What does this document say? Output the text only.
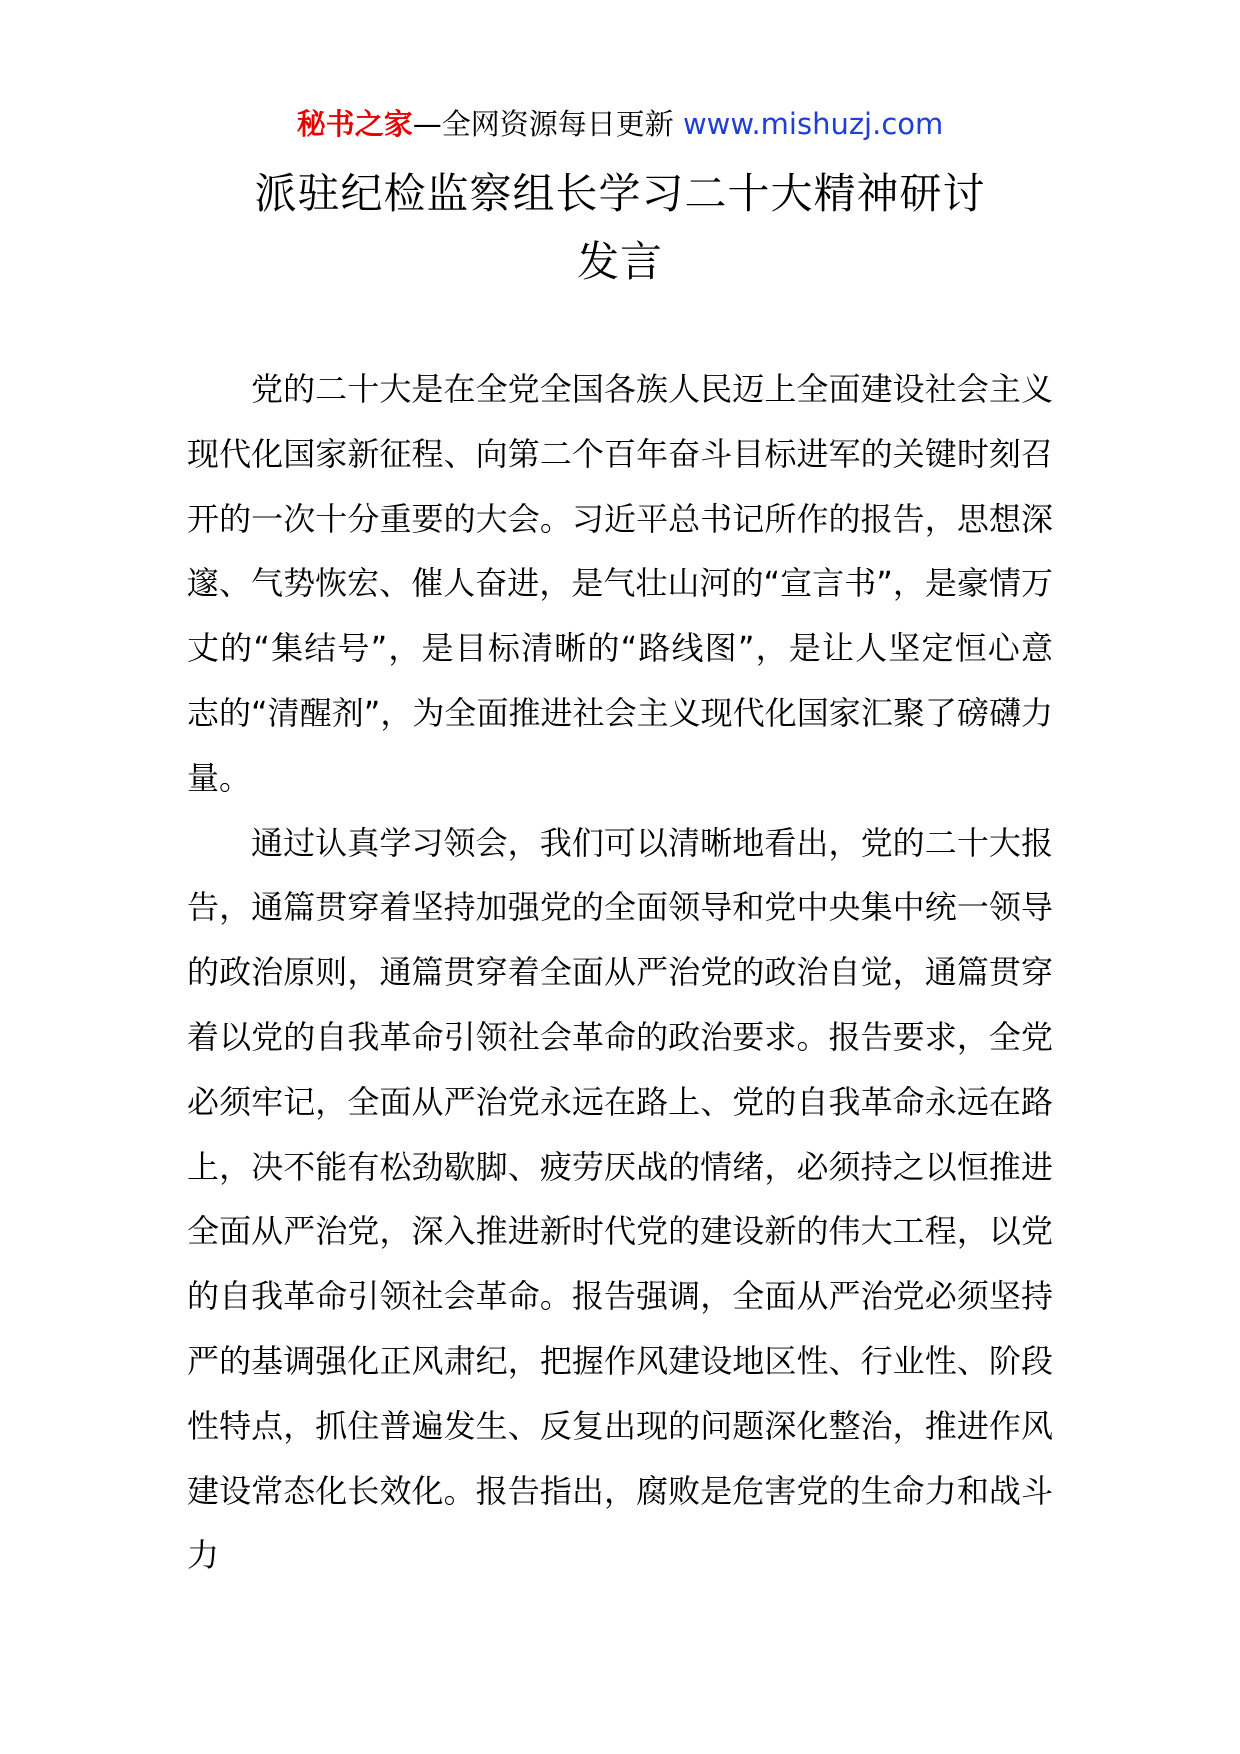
秘书之家—全网资源每日更新 www.mishuzj.com
派驻纪检监察组长学习二十大精神研讨
发言

党的二十大是在全党全国各族人民迈上全面建设社会主义现代化国家新征程、向第二个百年奋斗目标进军的关键时刻召开的一次十分重要的大会。习近平总书记所作的报告，思想深邃、气势恢宏、催人奋进，是气壮山河的“宣言书”，是豪情万丈的“集结号”，是目标清晰的“路线图”，是让人坚定恒心意志的“清醒剂”，为全面推进社会主义现代化国家汇聚了磅礴力量。

通过认真学习领会，我们可以清晰地看出，党的二十大报告，通篇贯穿着坚持加强党的全面领导和党中央集中统一领导的政治原则，通篇贯穿着全面从严治党的政治自觉，通篇贯穿着以党的自我革命引领社会革命的政治要求。报告要求，全党必须牢记，全面从严治党永远在路上、党的自我革命永远在路上，决不能有松劲歇脚、疲劳厌战的情绪，必须持之以恒推进全面从严治党，深入推进新时代党的建设新的伟大工程，以党的自我革命引领社会革命。报告强调，全面从严治党必须坚持严的基调强化正风肃纪，把握作风建设地区性、行业性、阶段性特点，抓住普遍发生、反复出现的问题深化整治，推进作风建设常态化长效化。报告指出，腐败是危害党的生命力和战斗力
